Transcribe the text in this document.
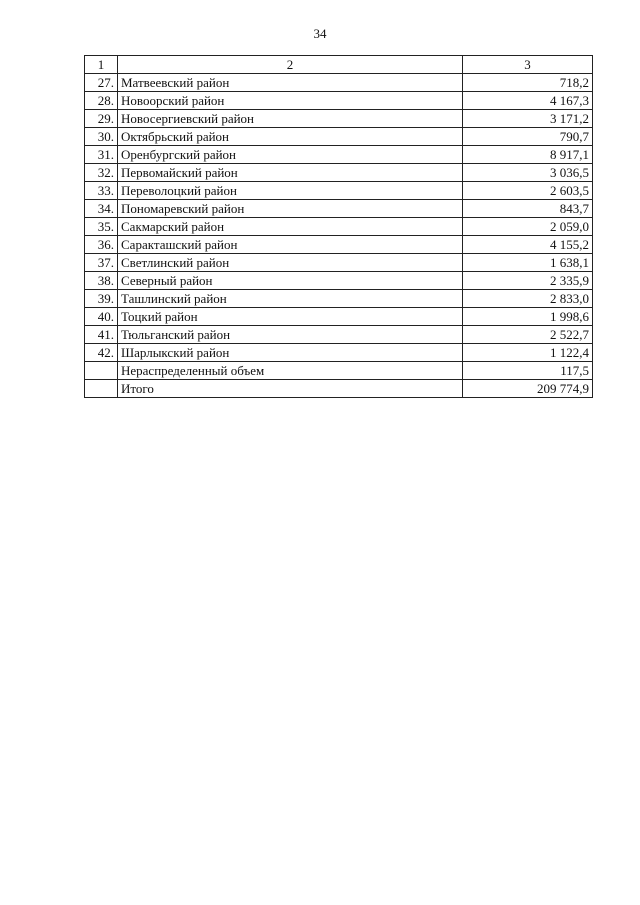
34
1	2	3
27.	Матвеевский район	718,2
28.	Новоорский район	4 167,3
29.	Новосергиевский район	3 171,2
30.	Октябрьский район	790,7
31.	Оренбургский район	8 917,1
32.	Первомайский район	3 036,5
33.	Переволоцкий район	2 603,5
34.	Пономаревский район	843,7
35.	Сакмарский район	2 059,0
36.	Саракташский район	4 155,2
37.	Светлинский район	1 638,1
38.	Северный район	2 335,9
39.	Ташлинский район	2 833,0
40.	Тоцкий район	1 998,6
41.	Тюльганский район	2 522,7
42.	Шарлыкский район	1 122,4
	Нераспределенный объем	117,5
	Итого	209 774,9
